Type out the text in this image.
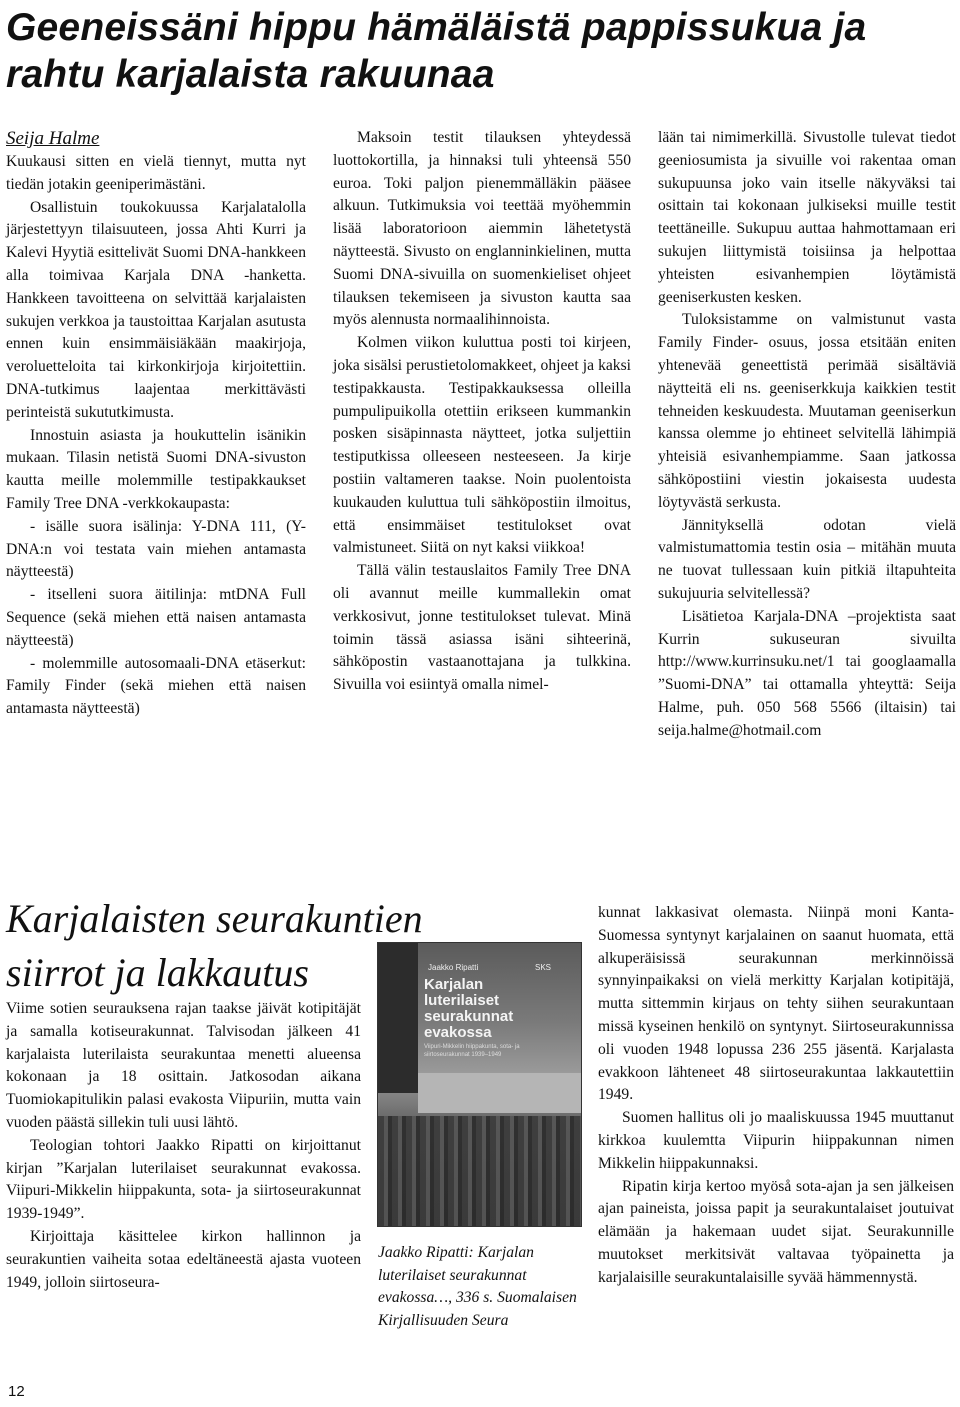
Geeneissäni hippu hämäläistä pappissukua ja rahtu karjalaista rakuunaa

Seija Halme

Kuukausi sitten en vielä tiennyt, mutta nyt tiedän jotakin geeniperimästäni.

Osallistuin toukokuussa Karjalatalolla järjestettyyn tilaisuuteen, jossa Ahti Kurri ja Kalevi Hyytiä esittelivät Suomi DNA-hankkeen alla toimivaa Karjala DNA -hanketta. Hankkeen tavoitteena on selvittää karjalaisten sukujen verkkoa ja taustoittaa Karjalan asutusta ennen kuin ensimmäisiäkään maakirjoja, veroluetteloita tai kirkonkirjoja kirjoitettiin. DNA-tutkimus laajentaa merkittävästi perinteistä sukututkimusta.

Innostuin asiasta ja houkuttelin isänikin mukaan. Tilasin netistä Suomi DNA-sivuston kautta meille molemmille testipakkaukset Family Tree DNA -verkkokaupasta:

- isälle suora isälinja: Y-DNA 111, (Y-DNA:n voi testata vain miehen antamasta näytteestä)

- itselleni suora äitilinja: mtDNA Full Sequence (sekä miehen että naisen antamasta näytteestä)

- molemmille autosomaali-DNA etäserkut: Family Finder (sekä miehen että naisen antamasta näytteestä)

Maksoin testit tilauksen yhteydessä luottokortilla, ja hinnaksi tuli yhteensä 550 euroa. Toki paljon pienemmälläkin pääsee alkuun. Tutkimuksia voi teettää myöhemmin lisää laboratorioon aiemmin lähetetystä näytteestä. Sivusto on englanninkielinen, mutta Suomi DNA-sivuilla on suomenkieliset ohjeet tilauksen tekemiseen ja sivuston kautta saa myös alennusta normaalihinnoista.

Kolmen viikon kuluttua posti toi kirjeen, joka sisälsi perustietolomakkeet, ohjeet ja kaksi testipakkausta. Testipakkauksessa olleilla pumpulipuikolla otettiin erikseen kummankin posken sisäpinnasta näytteet, jotka suljettiin testiputkissa olleeseen nesteeseen. Ja kirje postiin valtameren taakse. Noin puolentoista kuukauden kuluttua tuli sähköpostiin ilmoitus, että ensimmäiset testitulokset ovat valmistuneet. Siitä on nyt kaksi viikkoa!

Tällä välin testauslaitos Family Tree DNA oli avannut meille kummallekin omat verkkosivut, jonne testitulokset tulevat. Minä toimin tässä asiassa isäni sihteerinä, sähköpostin vastaanottajana ja tulkkina. Sivuilla voi esiintyä omalla nimel-

lään tai nimimerkillä. Sivustolle tulevat tiedot geeniosumista ja sivuille voi rakentaa oman sukupuunsa joko vain itselle näkyväksi tai osittain tai kokonaan julkiseksi muille testit teettäneille. Sukupuu auttaa hahmottamaan eri sukujen liittymistä toisiinsa ja helpottaa yhteisten esivanhempien löytämistä geeniserkusten kesken.

Tuloksistamme on valmistunut vasta Family Finder- osuus, jossa etsitään eniten yhtenevää geneettistä perimää sisältäviä näytteitä eli ns. geeniserkkuja kaikkien testit tehneiden keskuudesta. Muutaman geeniserkun kanssa olemme jo ehtineet selvitellä lähimpiä yhteisiä esivanhempiamme. Saan jatkossa sähköpostiini viestin jokaisesta uudesta löytyvästä serkusta.

Jännityksellä odotan vielä valmistumattomia testin osia – mitähän muuta ne tuovat tullessaan kuin pitkiä iltapuhteita sukujuuria selvitellessä?

Lisätietoa Karjala-DNA –projektista saat Kurrin sukuseuran sivuilta http://www.kurrinsuku.net/1 tai googlaamalla ”Suomi-DNA” tai ottamalla yhteyttä: Seija Halme, puh. 050 568 5566 (iltaisin) tai seija.halme@hotmail.com

Karjalaisten seurakuntien siirrot ja lakkautus

Viime sotien seurauksena rajan taakse jäivät kotipitäjät ja samalla kotiseurakunnat. Talvisodan jälkeen 41 karjalaista luterilaista seurakuntaa menetti alueensa kokonaan ja 18 osittain. Jatkosodan aikana Tuomiokapitulikin palasi evakosta Viipuriin, mutta vain vuoden päästä sillekin tuli uusi lähtö.

Teologian tohtori Jaakko Ripatti on kirjoittanut kirjan ”Karjalan luterilaiset seurakunnat evakossa. Viipuri-Mikkelin hiippakunta, sota- ja siirtoseurakunnat 1939-1949”.

Kirjoittaja käsittelee kirkon hallinnon ja seurakuntien vaiheita sotaa edeltäneestä ajasta vuoteen 1949, jolloin siirtoseura-

Jaakko Ripatti	SKS
Karjalan luterilaiset seurakunnat evakossa
Viipuri-Mikkelin hiippakunta, sota- ja siirtoseurakunnat 1939–1949
Jaakko Ripatti: Karjalan luterilaiset seurakunnat evakossa…, 336 s. Suomalaisen Kirjallisuuden Seura

kunnat lakkasivat olemasta. Niinpä moni Kanta-Suomessa syntynyt karjalainen on saanut huomata, että alkuperäisissä seurakunnan merkinnöissä synnyinpaikaksi on vielä merkitty Karjalan kotipitäjä, mutta sittemmin kirjaus on tehty siihen seurakuntaan missä kyseinen henkilö on syntynyt. Siirtoseurakunnissa oli vuoden 1948 lopussa 236 255 jäsentä. Karjalasta evakkoon lähteneet 48 siirtoseurakuntaa lakkautettiin 1949.

Suomen hallitus oli jo maaliskuussa 1945 muuttanut kirkkoa kuulemtta Viipurin hiippakunnan nimen Mikkelin hiippakunnaksi.

Ripatin kirja kertoo myöså sota-ajan ja sen jälkeisen ajan paineista, joissa papit ja seurakuntalaiset joutuivat elämään ja hakemaan uudet sijat. Seurakunnille muutokset merkitsivät valtavaa työpainetta ja karjalaisille seurakuntalaisille syvää hämmennystä.

12
